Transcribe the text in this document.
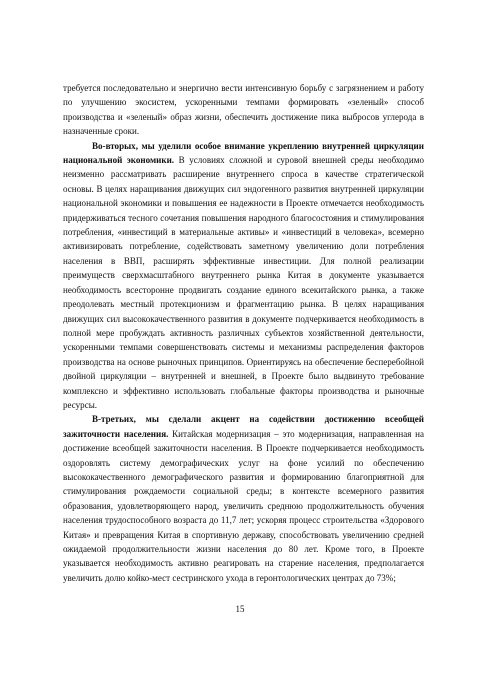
требуется последовательно и энергично вести интенсивную борьбу с загрязнением и работу по улучшению экосистем, ускоренными темпами формировать «зеленый» способ производства и «зеленый» образ жизни, обеспечить достижение пика выбросов углерода в назначенные сроки.

Во-вторых, мы уделили особое внимание укреплению внутренней циркуляции национальной экономики. В условиях сложной и суровой внешней среды необходимо неизменно рассматривать расширение внутреннего спроса в качестве стратегической основы. В целях наращивания движущих сил эндогенного развития внутренней циркуляции национальной экономики и повышения ее надежности в Проекте отмечается необходимость придерживаться тесного сочетания повышения народного благосостояния и стимулирования потребления, «инвестиций в материальные активы» и «инвестиций в человека», всемерно активизировать потребление, содействовать заметному увеличению доли потребления населения в ВВП, расширять эффективные инвестиции. Для полной реализации преимуществ сверхмасштабного внутреннего рынка Китая в документе указывается необходимость всесторонне продвигать создание единого всекитайского рынка, а также преодолевать местный протекционизм и фрагментацию рынка. В целях наращивания движущих сил высококачественного развития в документе подчеркивается необходимость в полной мере пробуждать активность различных субъектов хозяйственной деятельности, ускоренными темпами совершенствовать системы и механизмы распределения факторов производства на основе рыночных принципов. Ориентируясь на обеспечение бесперебойной двойной циркуляции – внутренней и внешней, в Проекте было выдвинуто требование комплексно и эффективно использовать глобальные факторы производства и рыночные ресурсы.

В-третьих, мы сделали акцент на содействии достижению всеобщей зажиточности населения. Китайская модернизация – это модернизация, направленная на достижение всеобщей зажиточности населения. В Проекте подчеркивается необходимость оздоровлять систему демографических услуг на фоне усилий по обеспечению высококачественного демографического развития и формированию благоприятной для стимулирования рождаемости социальной среды; в контексте всемерного развития образования, удовлетворяющего народ, увеличить среднюю продолжительность обучения населения трудоспособного возраста до 11,7 лет; ускоряя процесс строительства «Здорового Китая» и превращения Китая в спортивную державу, способствовать увеличению средней ожидаемой продолжительности жизни населения до 80 лет. Кроме того, в Проекте указывается необходимость активно реагировать на старение населения, предполагается увеличить долю койко-мест сестринского ухода в геронтологических центрах до 73%;

15
